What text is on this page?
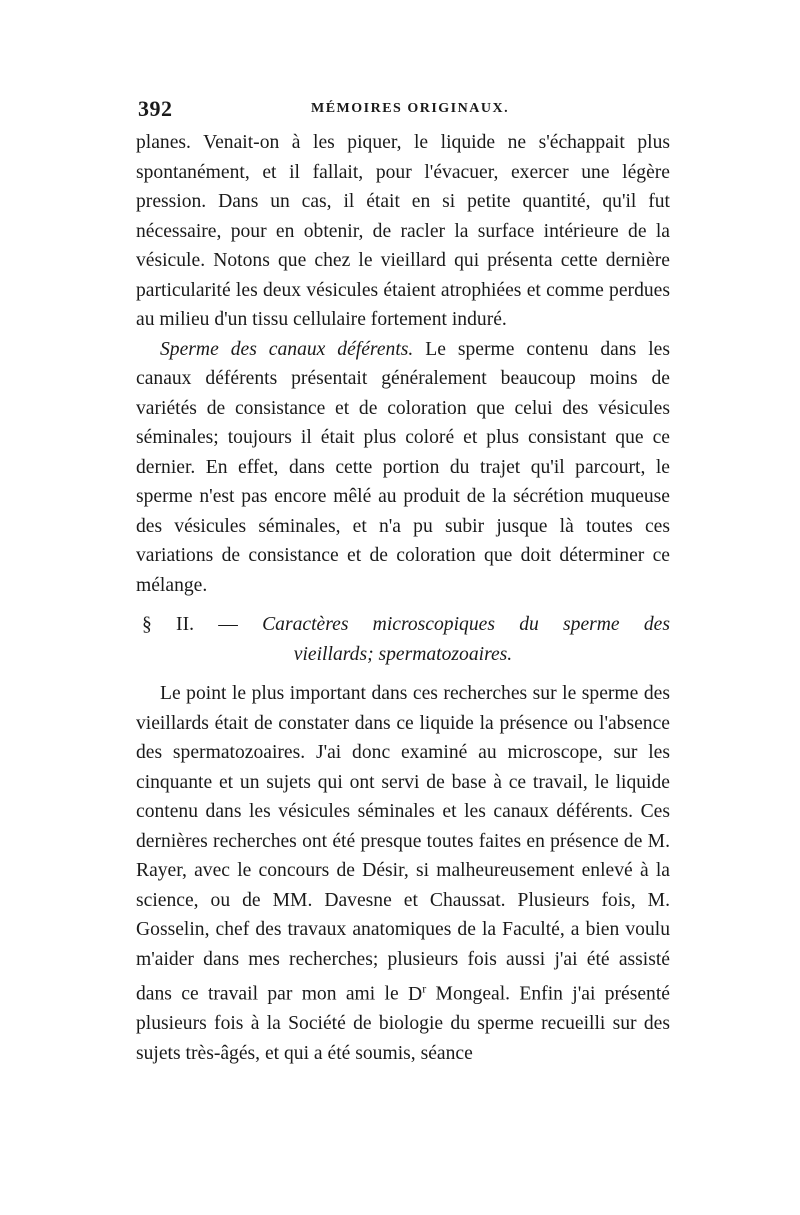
392	MÉMOIRES ORIGINAUX.

planes. Venait-on à les piquer, le liquide ne s'échappait plus spontanément, et il fallait, pour l'évacuer, exercer une légère pression. Dans un cas, il était en si petite quantité, qu'il fut nécessaire, pour en obtenir, de racler la surface intérieure de la vésicule. Notons que chez le vieillard qui présenta cette dernière particularité les deux vésicules étaient atrophiées et comme perdues au milieu d'un tissu cellulaire fortement induré.

Sperme des canaux déférents. Le sperme contenu dans les canaux déférents présentait généralement beaucoup moins de variétés de consistance et de coloration que celui des vésicules séminales; toujours il était plus coloré et plus consistant que ce dernier. En effet, dans cette portion du trajet qu'il parcourt, le sperme n'est pas encore mêlé au produit de la sécrétion muqueuse des vésicules séminales, et n'a pu subir jusque là toutes ces variations de consistance et de coloration que doit déterminer ce mélange.

§ II. — Caractères microscopiques du sperme des
vieillards; spermatozoaires.

Le point le plus important dans ces recherches sur le sperme des vieillards était de constater dans ce liquide la présence ou l'absence des spermatozoaires. J'ai donc examiné au microscope, sur les cinquante et un sujets qui ont servi de base à ce travail, le liquide contenu dans les vésicules séminales et les canaux déférents. Ces dernières recherches ont été presque toutes faites en présence de M. Rayer, avec le concours de Désir, si malheureusement enlevé à la science, ou de MM. Davesne et Chaussat. Plusieurs fois, M. Gosselin, chef des travaux anatomiques de la Faculté, a bien voulu m'aider dans mes recherches; plusieurs fois aussi j'ai été assisté dans ce travail par mon ami le $D^r$ Mongeal. Enfin j'ai présenté plusieurs fois à la Société de biologie du sperme recueilli sur des sujets très-âgés, et qui a été soumis, séance
